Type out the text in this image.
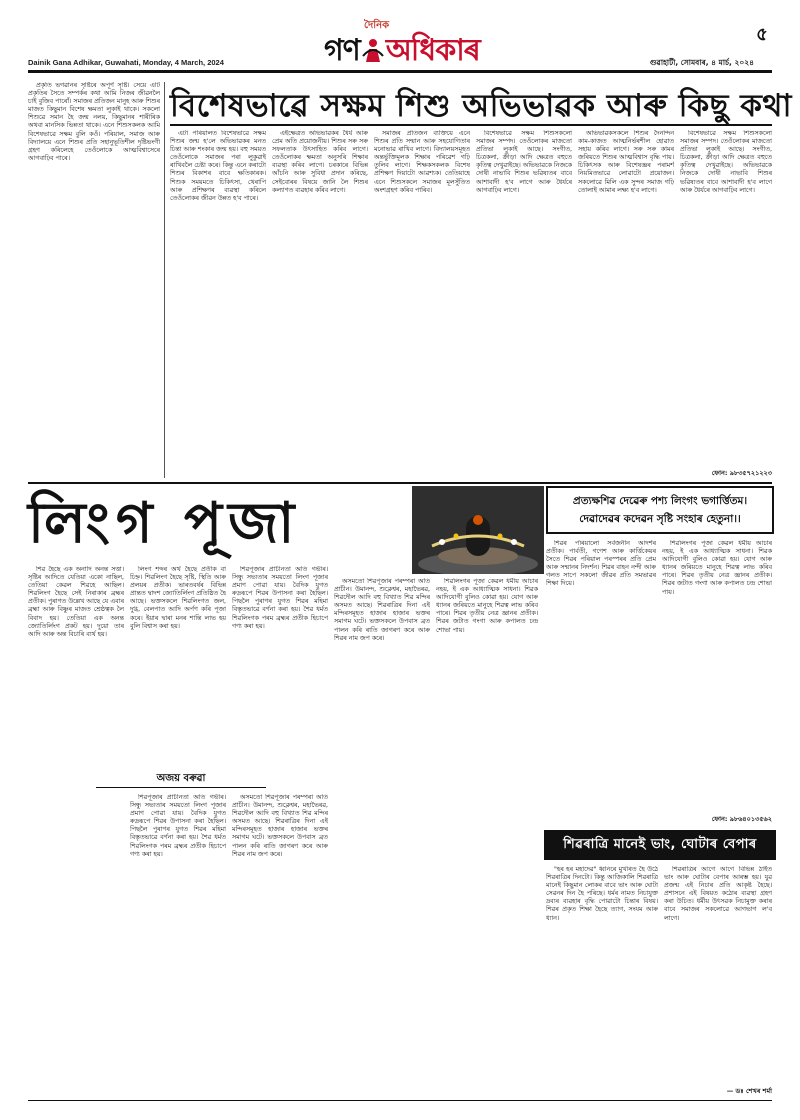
দৈনিক
গণ অধিকাৰ
Dainik Gana Adhikar, Guwahati, Monday, 4 March, 2024	গুৱাহাটী, সোমবাৰ, ৪ মাৰ্চ, ২০২৪
৫
বিশেষভাৱে সক্ষম শিশু অভিভাৱক আৰু কিছু কথা

প্ৰকৃতি ভগৱানৰ সৃষ্টিৰে অপূৰ্ণ সৃষ্টি। সেয়ে এটি প্ৰকৃতিৰ সৈতে সম্পৰ্কৰ কথা আমি নিজৰ জীৱনলৈ চাই বুজিব পাৰোঁ। সমাজৰ প্ৰতিজন মানুহ আৰু শিশুৰ মাজত কিছুমান বিশেষ ক্ষমতা লুকাই থাকে। সকলো শিশুৱে সমান হৈ জন্ম নলয়, কিছুমানৰ শাৰীৰিক অথবা মানসিক ভিন্নতা থাকে। এনে শিশুসকলক আমি বিশেষভাৱে সক্ষম বুলি কওঁ। পৰিয়াল, সমাজ আৰু বিদ্যালয়ে এনে শিশুৰ প্ৰতি সহানুভূতিশীল দৃষ্টিভংগী গ্ৰহণ কৰিলেহে তেওঁলোকে আত্মবিশ্বাসেৰে আগবাঢ়িব পাৰে।

এটা পৰিয়ালত বিশেষভাৱে সক্ষম শিশুৰ জন্ম হ'লে অভিভাৱকৰ মনত চিন্তা আৰু শংকাৰ জন্ম হয়। বহু সময়ত তেওঁলোকে সমাজৰ পৰা লুকুৱাই ৰাখিবলৈ চেষ্টা কৰে। কিন্তু এনে কৰাটো শিশুৰ বিকাশৰ বাবে ক্ষতিকাৰক। শিশুক সময়মতে চিকিৎসা, থেৰাপি আৰু প্ৰশিক্ষণৰ ব্যৱস্থা কৰিলে তেওঁলোকৰ জীৱন উন্নত হ'ব পাৰে।

এইক্ষেত্ৰত অভিভাৱকৰ ধৈৰ্য আৰু প্ৰেম অতি প্ৰয়োজনীয়। শিশুৰ সৰু সৰু সফলতাক উৎসাহিত কৰিব লাগে। তেওঁলোকৰ ক্ষমতা অনুসৰি শিক্ষাৰ ব্যৱস্থা কৰিব লাগে। চৰকাৰে বিভিন্ন আঁচনি আৰু সুবিধা প্ৰদান কৰিছে, সেইবোৰৰ বিষয়ে জানি লৈ শিশুৰ কল্যাণত ব্যৱহাৰ কৰিব লাগে।

সমাজৰ প্ৰতিজন ব্যক্তিয়ে এনে শিশুৰ প্ৰতি সন্মান আৰু সহযোগিতাৰ মনোভাৱ ৰাখিব লাগে। বিদ্যালয়সমূহত অন্তৰ্ভুক্তিমূলক শিক্ষাৰ পৰিৱেশ গঢ়ি তুলিব লাগে। শিক্ষকসকলক বিশেষ প্ৰশিক্ষণ দিয়াটো আৱশ্যক। তেতিয়াহে এনে শিশুসকলে সমাজৰ মূলসুঁতিত অংশগ্ৰহণ কৰিব পাৰিব।

বিশেষভাৱে সক্ষম শিশুসকলো সমাজৰ সম্পদ। তেওঁলোকৰ মাজতো প্ৰতিভা লুকাই আছে। সংগীত, চিত্ৰকলা, ক্ৰীড়া আদি ক্ষেত্ৰত বহুতে কৃতিত্ব দেখুৱাইছে। অভিভাৱকে নিজকে দোষী নাভাবি শিশুৰ ভৱিষ্যতৰ বাবে আশাবাদী হ'ব লাগে আৰু ধৈৰ্যৰে আগবাঢ়িব লাগে।

অভিভাৱকসকলে শিশুৰ দৈনন্দিন কাম-কাজত আত্মনিৰ্ভৰশীল হোৱাত সহায় কৰিব লাগে। সৰু সৰু কামৰ জৰিয়তে শিশুৰ আত্মবিশ্বাস বৃদ্ধি পায়। চিকিৎসক আৰু বিশেষজ্ঞৰ পৰামৰ্শ নিয়মিতভাৱে লোৱাটো প্ৰয়োজন। সকলোৱে মিলি এক সুন্দৰ সমাজ গঢ়ি তোলাই আমাৰ লক্ষ্য হ'ব লাগে।

বিশেষভাৱে সক্ষম শিশুসকলো সমাজৰ সম্পদ। তেওঁলোকৰ মাজতো প্ৰতিভা লুকাই আছে। সংগীত, চিত্ৰকলা, ক্ৰীড়া আদি ক্ষেত্ৰত বহুতে কৃতিত্ব দেখুৱাইছে। অভিভাৱকে নিজকে দোষী নাভাবি শিশুৰ ভৱিষ্যতৰ বাবে আশাবাদী হ'ব লাগে আৰু ধৈৰ্যৰে আগবাঢ়িব লাগে।

ফোন: ৯৮৩৫৭২১২২৩
লিংগ পূজা	প্ৰত্যক্ষশিৱ দেৱেৰু পশ্য লিংগং ভগাৰ্ত্তিতম। দেৱাদেৱৰ কদেৱন সৃষ্টি সংহাৰ হেতুনা।।

শিৱ হৈছে এক অনাদি অনন্ত সত্তা। সৃষ্টিৰ আদিতে যেতিয়া একো নাছিল, তেতিয়া কেৱল শিৱহে আছিল। শিৱলিংগ হৈছে সেই নিৰাকাৰ ব্ৰহ্মৰ প্ৰতীক। পুৰাণত উল্লেখ আছে যে এবাৰ ব্ৰহ্মা আৰু বিষ্ণুৰ মাজত শ্ৰেষ্ঠত্বক লৈ বিবাদ হয়। তেতিয়া এক অনন্ত জ্যোতিৰ্লিংগ প্ৰকট হয়। দুয়ো তাৰ আদি আৰু অন্ত বিচাৰি ব্যৰ্থ হয়।

লিংগ শব্দৰ অৰ্থ হৈছে প্ৰতীক বা চিহ্ন। শিৱলিংগ হৈছে সৃষ্টি, স্থিতি আৰু প্ৰলয়ৰ প্ৰতীক। ভাৰতবৰ্ষৰ বিভিন্ন প্ৰান্তত দ্বাদশ জ্যোতিৰ্লিংগ প্ৰতিষ্ঠিত হৈ আছে। ভক্তসকলে শিৱলিংগত জল, দুগ্ধ, বেলপাত আদি অৰ্পণ কৰি পূজা কৰে। ইয়াৰ দ্বাৰা মনৰ শান্তি লাভ হয় বুলি বিশ্বাস কৰা হয়।

অজয় বৰুৱা

শিৱপূজাৰ প্ৰাচীনতা অতি গভীৰ। সিন্ধু সভ্যতাৰ সময়তো লিংগ পূজাৰ প্ৰমাণ পোৱা যায়। বৈদিক যুগত ৰুদ্ৰৰূপে শিৱৰ উপাসনা কৰা হৈছিল। পিছলৈ পুৰাণৰ যুগত শিৱৰ মহিমা বিস্তৃতভাৱে বৰ্ণনা কৰা হয়। শৈৱ ধৰ্মত শিৱলিংগক পৰম ব্ৰহ্মৰ প্ৰতীক হিচাপে গণ্য কৰা হয়।

শিৱপূজাৰ প্ৰাচীনতা অতি গভীৰ। সিন্ধু সভ্যতাৰ সময়তো লিংগ পূজাৰ প্ৰমাণ পোৱা যায়। বৈদিক যুগত ৰুদ্ৰৰূপে শিৱৰ উপাসনা কৰা হৈছিল। পিছলৈ পুৰাণৰ যুগত শিৱৰ মহিমা বিস্তৃতভাৱে বৰ্ণনা কৰা হয়। শৈৱ ধৰ্মত শিৱলিংগক পৰম ব্ৰহ্মৰ প্ৰতীক হিচাপে গণ্য কৰা হয়।

অসমতো শিৱপূজাৰ পৰম্পৰা অতি প্ৰাচীন। উমানন্দ, শুক্লেশ্বৰ, মহাভৈৰৱ, শিৱদৌল আদি বহু বিখ্যাত শিৱ মন্দিৰ অসমত আছে। শিৱৰাত্ৰিৰ দিনা এই মন্দিৰসমূহত হাজাৰ হাজাৰ ভক্তৰ সমাগম ঘটে। ভক্তসকলে উপবাস ব্ৰত পালন কৰি ৰাতি জাগৰণ কৰে আৰু শিৱৰ নাম জপ কৰে।

অসমতো শিৱপূজাৰ পৰম্পৰা অতি প্ৰাচীন। উমানন্দ, শুক্লেশ্বৰ, মহাভৈৰৱ, শিৱদৌল আদি বহু বিখ্যাত শিৱ মন্দিৰ অসমত আছে। শিৱৰাত্ৰিৰ দিনা এই মন্দিৰসমূহত হাজাৰ হাজাৰ ভক্তৰ সমাগম ঘটে। ভক্তসকলে উপবাস ব্ৰত পালন কৰি ৰাতি জাগৰণ কৰে আৰু শিৱৰ নাম জপ কৰে।

শিৱলিংগৰ পূজা কেৱল ধৰ্মীয় আচাৰ নহয়, ই এক আধ্যাত্মিক সাধনা। শিৱক আদিযোগী বুলিও কোৱা হয়। যোগ আৰু ধ্যানৰ জৰিয়তে মানুহে শিৱত্ব লাভ কৰিব পাৰে। শিৱৰ তৃতীয় নেত্ৰ জ্ঞানৰ প্ৰতীক। শিৱৰ জটাত গংগা আৰু কপালত চন্দ্ৰ শোভা পায়।

শিৱৰ পৰিয়ালো সৰ্বজনীন আদৰ্শৰ প্ৰতীক। পাৰ্বতী, গণেশ আৰু কাৰ্ত্তিকেয়ৰ সৈতে শিৱৰ পৰিয়াল পৰস্পৰৰ প্ৰতি প্ৰেম আৰু সন্মানৰ নিদৰ্শন। শিৱৰ বাহন নন্দী আৰু গলত সাপে সকলো জীৱৰ প্ৰতি সমভাৱৰ শিক্ষা দিয়ে।

শিৱলিংগৰ পূজা কেৱল ধৰ্মীয় আচাৰ নহয়, ই এক আধ্যাত্মিক সাধনা। শিৱক আদিযোগী বুলিও কোৱা হয়। যোগ আৰু ধ্যানৰ জৰিয়তে মানুহে শিৱত্ব লাভ কৰিব পাৰে। শিৱৰ তৃতীয় নেত্ৰ জ্ঞানৰ প্ৰতীক। শিৱৰ জটাত গংগা আৰু কপালত চন্দ্ৰ শোভা পায়।

ফোন: ৯৮৬৪০১৩৫৬২
শিৱৰাত্ৰি মানেই ভাং, ঘোটাৰ বেপাৰ আৰম্ভ...

"হৰ হৰ মহাদেৱ" ধ্বনিৰে মুখৰিত হৈ উঠে শিৱৰাত্ৰিৰ দিনটো। কিন্তু আজিকালি শিৱৰাত্ৰি মানেই কিছুমান লোকৰ বাবে ভাং আৰু ঘোটা সেৱনৰ দিন হৈ পৰিছে। ধৰ্মৰ নামত নিচাযুক্ত দ্ৰব্যৰ ব্যৱহাৰ বৃদ্ধি পোৱাটো চিন্তাৰ বিষয়। শিৱৰ প্ৰকৃত শিক্ষা হৈছে ত্যাগ, সংযম আৰু ধ্যান।

শিৱৰাত্ৰিৰ আগে আগে বিভিন্ন ঠাইত ভাং আৰু ঘোটাৰ বেপাৰ আৰম্ভ হয়। যুৱ প্ৰজন্ম এই নিচাৰ প্ৰতি আকৃষ্ট হৈছে। প্ৰশাসনে এই বিষয়ত কঠোৰ ব্যৱস্থা গ্ৰহণ কৰা উচিত। ধৰ্মীয় উৎসৱক নিচামুক্ত কৰাৰ বাবে সমাজৰ সকলোৱে আগভাগ ল'ব লাগে।

— ডঃ শেখৰ শৰ্মা
